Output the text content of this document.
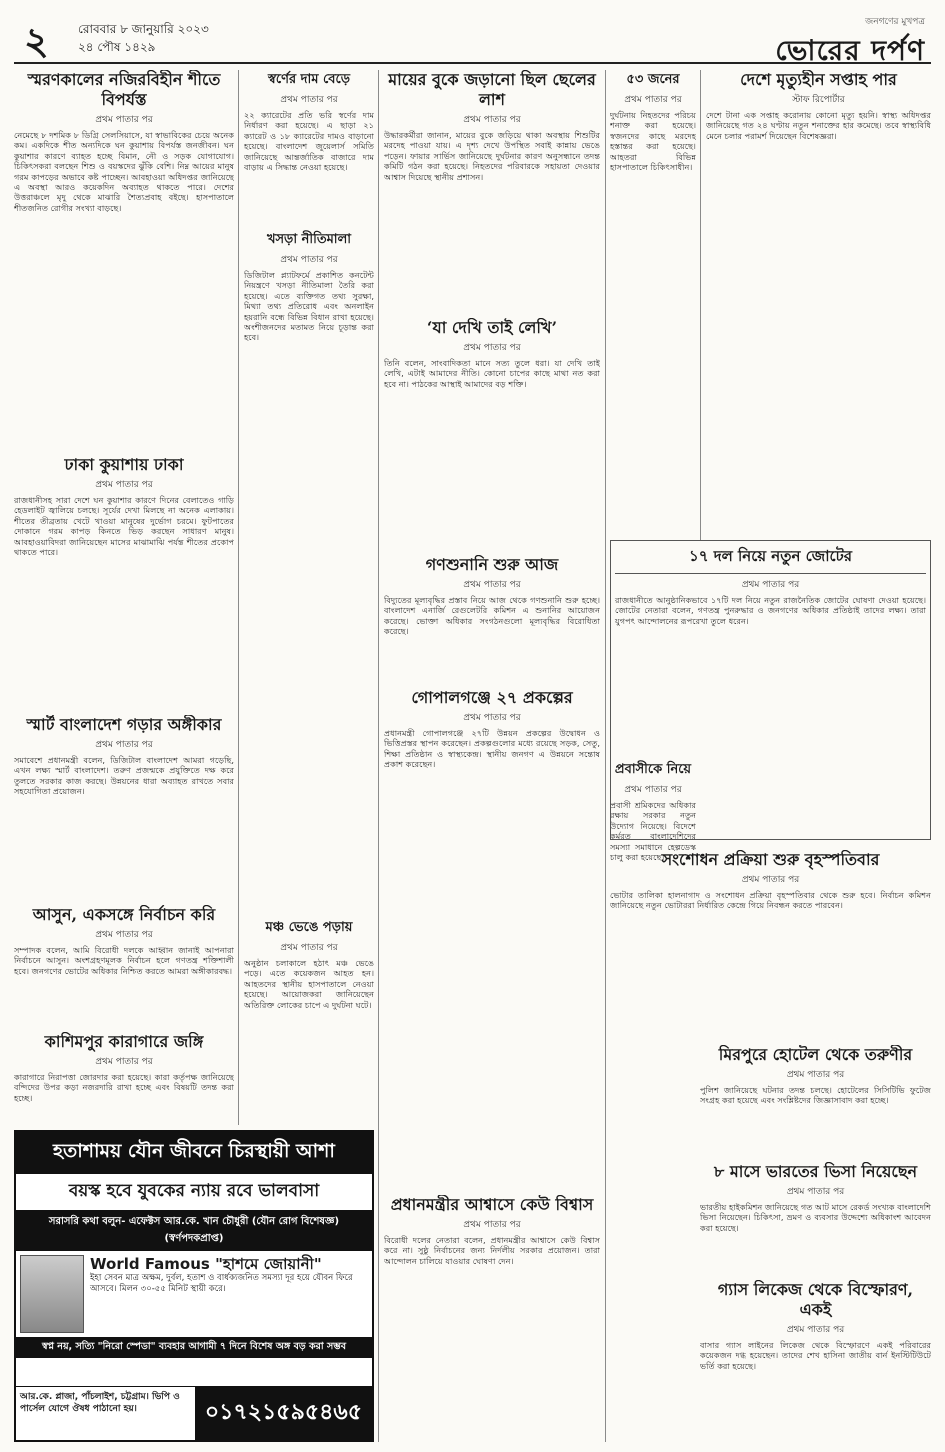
২ রোববার ৮ জানুয়ারি ২০২৩
২৪ পৌষ ১৪২৯
জনগণের মুখপত্র
ভোরের দর্পণ
স্মরণকালের নজিরবিহীন শীতে বিপর্যস্ত
প্রথম পাতার পর
নেমেছে ৮ দশমিক ৮ ডিগ্রি সেলসিয়াসে, যা স্বাভাবিকের চেয়ে অনেক কম। একদিকে শীত অন্যদিকে ঘন কুয়াশায় বিপর্যস্ত জনজীবন। ঘন কুয়াশার কারণে ব্যাহত হচ্ছে বিমান, নৌ ও সড়ক যোগাযোগ। চিকিৎসকরা বলছেন শিশু ও বয়স্কদের ঝুঁকি বেশি। নিম্ন আয়ের মানুষ গরম কাপড়ের অভাবে কষ্ট পাচ্ছেন। আবহাওয়া অধিদপ্তর জানিয়েছে এ অবস্থা আরও কয়েকদিন অব্যাহত থাকতে পারে। দেশের উত্তরাঞ্চলে মৃদু থেকে মাঝারি শৈত্যপ্রবাহ বইছে। হাসপাতালে শীতজনিত রোগীর সংখ্যা বাড়ছে।
ঢাকা কুয়াশায় ঢাকা
প্রথম পাতার পর
রাজধানীসহ সারা দেশে ঘন কুয়াশার কারণে দিনের বেলাতেও গাড়ি হেডলাইট জ্বালিয়ে চলছে। সূর্যের দেখা মিলছে না অনেক এলাকায়। শীতের তীব্রতায় খেটে খাওয়া মানুষের দুর্ভোগ চরমে। ফুটপাতের দোকানে গরম কাপড় কিনতে ভিড় করছেন সাধারণ মানুষ। আবহাওয়াবিদরা জানিয়েছেন মাসের মাঝামাঝি পর্যন্ত শীতের প্রকোপ থাকতে পারে।
স্মার্ট বাংলাদেশ গড়ার অঙ্গীকার
প্রথম পাতার পর
সমাবেশে প্রধানমন্ত্রী বলেন, ডিজিটাল বাংলাদেশ আমরা গড়েছি, এখন লক্ষ্য স্মার্ট বাংলাদেশ। তরুণ প্রজন্মকে প্রযুক্তিতে দক্ষ করে তুলতে সরকার কাজ করছে। উন্নয়নের ধারা অব্যাহত রাখতে সবার সহযোগিতা প্রয়োজন।
আসুন, একসঙ্গে নির্বাচন করি
প্রথম পাতার পর
সম্পাদক বলেন, আমি বিরোধী দলকে আহ্বান জানাই আপনারা নির্বাচনে আসুন। অংশগ্রহণমূলক নির্বাচন হলে গণতন্ত্র শক্তিশালী হবে। জনগণের ভোটের অধিকার নিশ্চিত করতে আমরা অঙ্গীকারবদ্ধ।
কাশিমপুর কারাগারে জঙ্গি
প্রথম পাতার পর
কারাগারে নিরাপত্তা জোরদার করা হয়েছে। কারা কর্তৃপক্ষ জানিয়েছে বন্দিদের উপর কড়া নজরদারি রাখা হচ্ছে এবং বিষয়টি তদন্ত করা হচ্ছে।
স্বর্ণের দাম বেড়ে
প্রথম পাতার পর
২২ ক্যারেটের প্রতি ভরি স্বর্ণের দাম নির্ধারণ করা হয়েছে। এ ছাড়া ২১ ক্যারেট ও ১৮ ক্যারেটের দামও বাড়ানো হয়েছে। বাংলাদেশ জুয়েলার্স সমিতি জানিয়েছে আন্তর্জাতিক বাজারে দাম বাড়ায় এ সিদ্ধান্ত নেওয়া হয়েছে।
খসড়া নীতিমালা
প্রথম পাতার পর
ডিজিটাল প্ল্যাটফর্মে প্রকাশিত কনটেন্ট নিয়ন্ত্রণে খসড়া নীতিমালা তৈরি করা হয়েছে। এতে ব্যক্তিগত তথ্য সুরক্ষা, মিথ্যা তথ্য প্রতিরোধ এবং অনলাইন হয়রানি বন্ধে বিভিন্ন বিধান রাখা হয়েছে। অংশীজনদের মতামত নিয়ে চূড়ান্ত করা হবে।
মঞ্চ ভেঙে পড়ায়
প্রথম পাতার পর
অনুষ্ঠান চলাকালে হঠাৎ মঞ্চ ভেঙে পড়ে। এতে কয়েকজন আহত হন। আহতদের স্থানীয় হাসপাতালে নেওয়া হয়েছে। আয়োজকরা জানিয়েছেন অতিরিক্ত লোকের চাপে এ দুর্ঘটনা ঘটে।
মায়ের বুকে জড়ানো ছিল ছেলের লাশ
প্রথম পাতার পর
উদ্ধারকর্মীরা জানান, মায়ের বুকে জড়িয়ে থাকা অবস্থায় শিশুটির মরদেহ পাওয়া যায়। এ দৃশ্য দেখে উপস্থিত সবাই কান্নায় ভেঙে পড়েন। ফায়ার সার্ভিস জানিয়েছে দুর্ঘটনার কারণ অনুসন্ধানে তদন্ত কমিটি গঠন করা হয়েছে। নিহতদের পরিবারকে সহায়তা দেওয়ার আশ্বাস দিয়েছে স্থানীয় প্রশাসন।
‘যা দেখি তাই লেখি’
প্রথম পাতার পর
তিনি বলেন, সাংবাদিকতা মানে সত্য তুলে ধরা। যা দেখি তাই লেখি, এটাই আমাদের নীতি। কোনো চাপের কাছে মাথা নত করা হবে না। পাঠকের আস্থাই আমাদের বড় শক্তি।
গণশুনানি শুরু আজ
প্রথম পাতার পর
বিদ্যুতের মূল্যবৃদ্ধির প্রস্তাব নিয়ে আজ থেকে গণশুনানি শুরু হচ্ছে। বাংলাদেশ এনার্জি রেগুলেটরি কমিশন এ শুনানির আয়োজন করেছে। ভোক্তা অধিকার সংগঠনগুলো মূল্যবৃদ্ধির বিরোধিতা করেছে।
গোপালগঞ্জে ২৭ প্রকল্পের
প্রথম পাতার পর
প্রধানমন্ত্রী গোপালগঞ্জে ২৭টি উন্নয়ন প্রকল্পের উদ্বোধন ও ভিত্তিপ্রস্তর স্থাপন করেছেন। প্রকল্পগুলোর মধ্যে রয়েছে সড়ক, সেতু, শিক্ষা প্রতিষ্ঠান ও স্বাস্থ্যকেন্দ্র। স্থানীয় জনগণ এ উন্নয়নে সন্তোষ প্রকাশ করেছেন।
প্রধানমন্ত্রীর আশ্বাসে কেউ বিশ্বাস
প্রথম পাতার পর
বিরোধী দলের নেতারা বলেন, প্রধানমন্ত্রীর আশ্বাসে কেউ বিশ্বাস করে না। সুষ্ঠু নির্বাচনের জন্য নির্দলীয় সরকার প্রয়োজন। তারা আন্দোলন চালিয়ে যাওয়ার ঘোষণা দেন।
৫৩ জনের
প্রথম পাতার পর
দুর্ঘটনায় নিহতদের পরিচয় শনাক্ত করা হয়েছে। স্বজনদের কাছে মরদেহ হস্তান্তর করা হয়েছে। আহতরা বিভিন্ন হাসপাতালে চিকিৎসাধীন।
প্রবাসীকে নিয়ে
প্রথম পাতার পর
প্রবাসী শ্রমিকদের অধিকার রক্ষায় সরকার নতুন উদ্যোগ নিয়েছে। বিদেশে কর্মরত বাংলাদেশিদের সমস্যা সমাধানে হেল্পডেস্ক চালু করা হয়েছে।
দেশে মৃত্যুহীন সপ্তাহ পার
স্টাফ রিপোর্টার
দেশে টানা এক সপ্তাহ করোনায় কোনো মৃত্যু হয়নি। স্বাস্থ্য অধিদপ্তর জানিয়েছে গত ২৪ ঘণ্টায় নতুন শনাক্তের হার কমেছে। তবে স্বাস্থ্যবিধি মেনে চলার পরামর্শ দিয়েছেন বিশেষজ্ঞরা।
১৭ দল নিয়ে নতুন জোটের
প্রথম পাতার পর
রাজধানীতে আনুষ্ঠানিকভাবে ১৭টি দল নিয়ে নতুন রাজনৈতিক জোটের ঘোষণা দেওয়া হয়েছে। জোটের নেতারা বলেন, গণতন্ত্র পুনরুদ্ধার ও জনগণের অধিকার প্রতিষ্ঠাই তাদের লক্ষ্য। তারা যুগপৎ আন্দোলনের রূপরেখা তুলে ধরেন।
সংশোধন প্রক্রিয়া শুরু বৃহস্পতিবার
প্রথম পাতার পর
ভোটার তালিকা হালনাগাদ ও সংশোধন প্রক্রিয়া বৃহস্পতিবার থেকে শুরু হবে। নির্বাচন কমিশন জানিয়েছে নতুন ভোটাররা নির্ধারিত কেন্দ্রে গিয়ে নিবন্ধন করতে পারবেন।
মিরপুরে হোটেল থেকে তরুণীর
প্রথম পাতার পর
পুলিশ জানিয়েছে ঘটনার তদন্ত চলছে। হোটেলের সিসিটিভি ফুটেজ সংগ্রহ করা হয়েছে এবং সংশ্লিষ্টদের জিজ্ঞাসাবাদ করা হচ্ছে।
৮ মাসে ভারতের ভিসা নিয়েছেন
প্রথম পাতার পর
ভারতীয় হাইকমিশন জানিয়েছে গত আট মাসে রেকর্ড সংখ্যক বাংলাদেশি ভিসা নিয়েছেন। চিকিৎসা, ভ্রমণ ও ব্যবসার উদ্দেশ্যে অধিকাংশ আবেদন করা হয়েছে।
গ্যাস লিকেজ থেকে বিস্ফোরণ, একই
প্রথম পাতার পর
বাসার গ্যাস লাইনের লিকেজ থেকে বিস্ফোরণে একই পরিবারের কয়েকজন দগ্ধ হয়েছেন। তাদের শেখ হাসিনা জাতীয় বার্ন ইনস্টিটিউটে ভর্তি করা হয়েছে।
হতাশাময় যৌন জীবনে চিরস্থায়ী আশা
বয়স্ক হবে যুবকের ন্যায় রবে ভালবাসা
সরাসরি কথা বলুন- এফেক্টস আর.কে. খান চৌধুরী (যৌন রোগ বিশেষজ্ঞ) (স্বর্ণপদকপ্রাপ্ত)
World Famous "হাশমে জোয়ানী"
ইহা সেবন মাত্র অক্ষম, দুর্বল, হতাশ ও বার্ধক্যজনিত সমস্যা দূর হয়ে যৌবন ফিরে আসবে। মিলন ৩০-৫৫ মিনিট স্থায়ী করে।
স্বপ্ন নয়, সত্যি "নিরো স্পেডা" ব্যবহার আগামী ৭ দিনে বিশেষ অঙ্গ বড় করা সম্ভব
আর.কে. প্লাজা, পাঁচলাইশ, চট্টগ্রাম। ভিপি ও পার্সেল যোগে ঔষধ পাঠানো হয়।	০১৭২১৫৯৫৪৬৫
